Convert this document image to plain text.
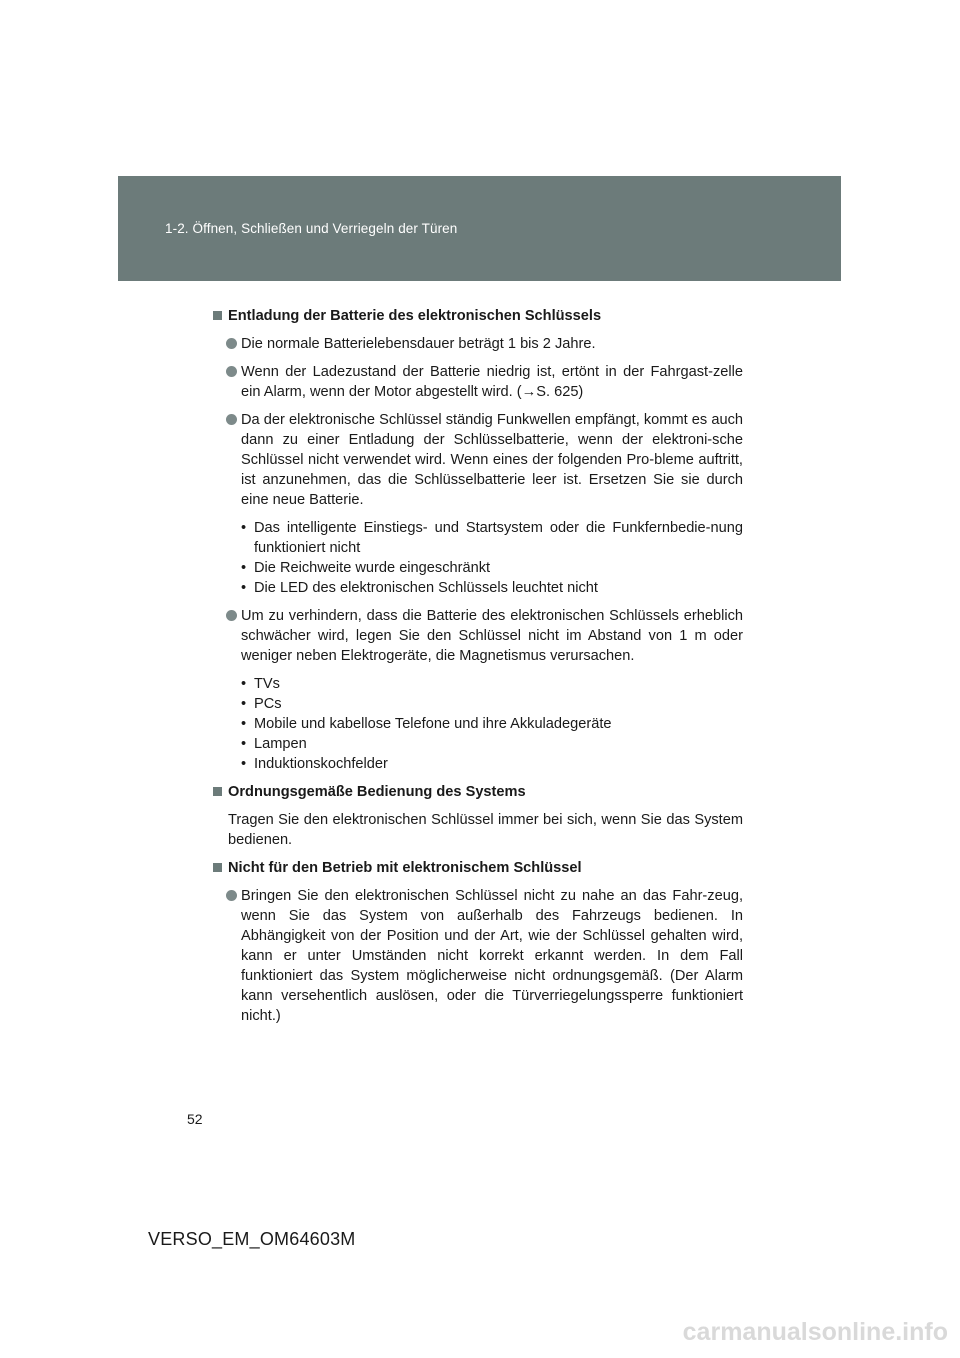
1-2. Öffnen, Schließen und Verriegeln der Türen
Entladung der Batterie des elektronischen Schlüssels
Die normale Batterielebensdauer beträgt 1 bis 2 Jahre.
Wenn der Ladezustand der Batterie niedrig ist, ertönt in der Fahrgast-zelle ein Alarm, wenn der Motor abgestellt wird. (→S. 625)
Da der elektronische Schlüssel ständig Funkwellen empfängt, kommt es auch dann zu einer Entladung der Schlüsselbatterie, wenn der elektroni-sche Schlüssel nicht verwendet wird. Wenn eines der folgenden Pro-bleme auftritt, ist anzunehmen, das die Schlüsselbatterie leer ist. Ersetzen Sie sie durch eine neue Batterie.
• Das intelligente Einstiegs- und Startsystem oder die Funkfernbedie-nung funktioniert nicht
• Die Reichweite wurde eingeschränkt
• Die LED des elektronischen Schlüssels leuchtet nicht
Um zu verhindern, dass die Batterie des elektronischen Schlüssels erheblich schwächer wird, legen Sie den Schlüssel nicht im Abstand von 1 m oder weniger neben Elektrogeräte, die Magnetismus verursachen.
• TVs
• PCs
• Mobile und kabellose Telefone und ihre Akkuladegeräte
• Lampen
• Induktionskochfelder
Ordnungsgemäße Bedienung des Systems
Tragen Sie den elektronischen Schlüssel immer bei sich, wenn Sie das System bedienen.
Nicht für den Betrieb mit elektronischem Schlüssel
Bringen Sie den elektronischen Schlüssel nicht zu nahe an das Fahr-zeug, wenn Sie das System von außerhalb des Fahrzeugs bedienen. In Abhängigkeit von der Position und der Art, wie der Schlüssel gehalten wird, kann er unter Umständen nicht korrekt erkannt werden. In dem Fall funktioniert das System möglicherweise nicht ordnungsgemäß. (Der Alarm kann versehentlich auslösen, oder die Türverriegelungssperre funktioniert nicht.)
52
VERSO_EM_OM64603M
carmanualsonline.info
